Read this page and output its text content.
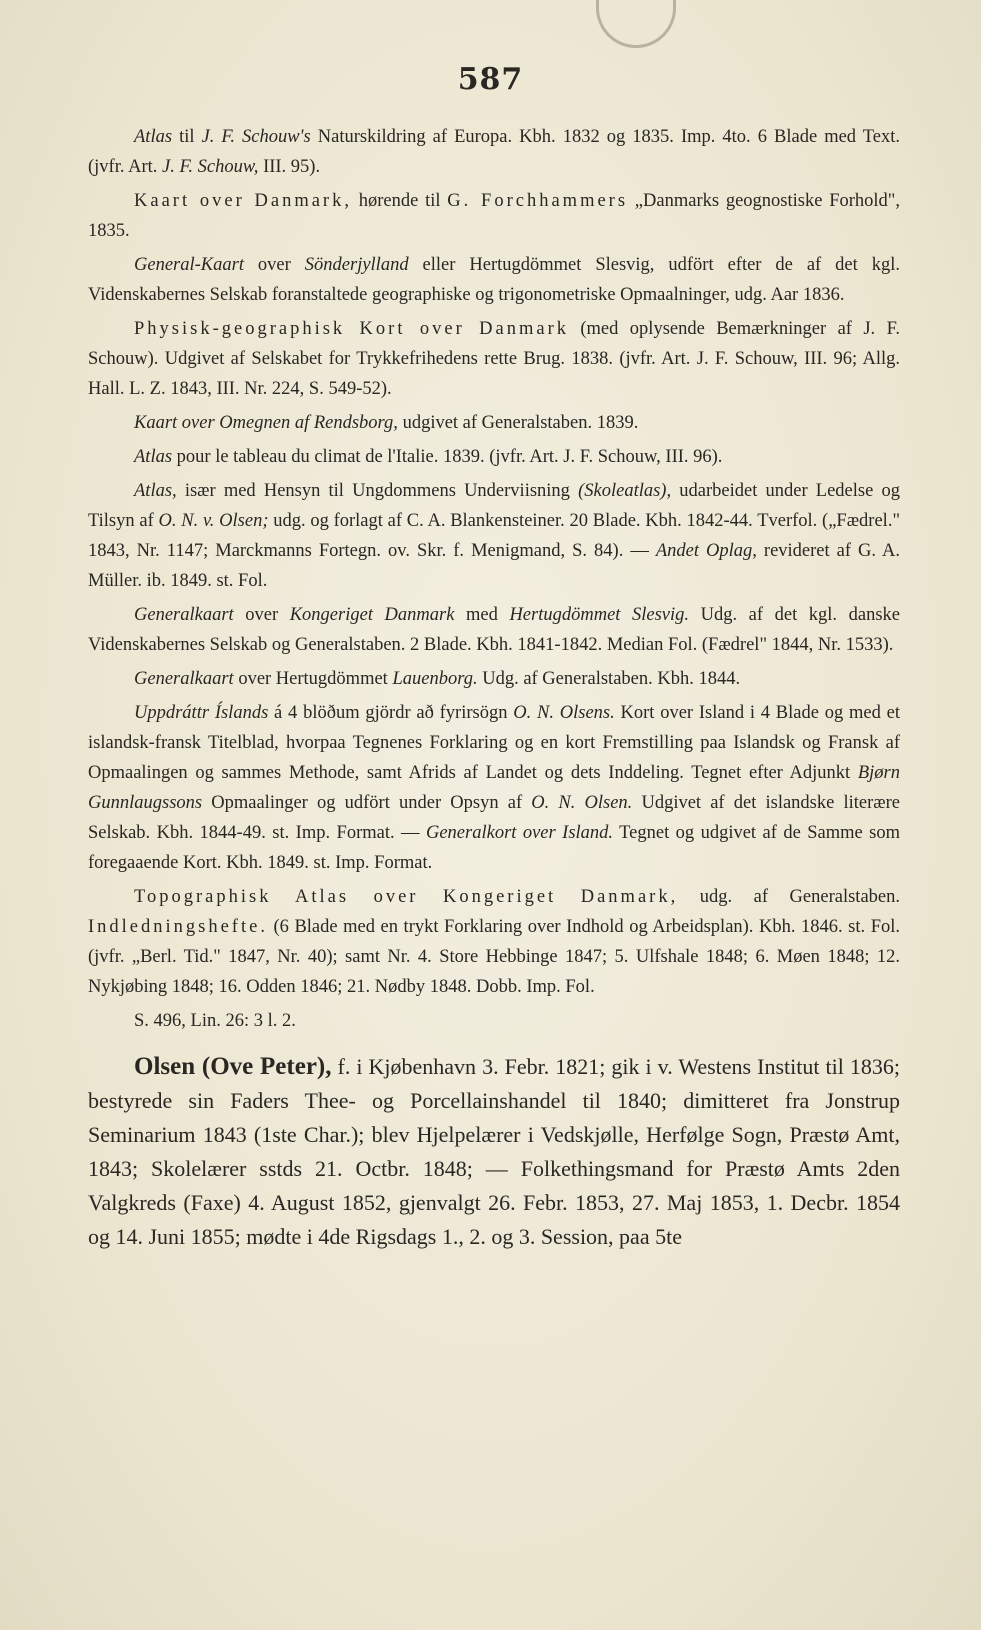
587

Atlas til J. F. Schouw's Naturskildring af Europa. Kbh. 1832 og 1835. Imp. 4to. 6 Blade med Text. (jvfr. Art. J. F. Schouw, III. 95).

Kaart over Danmark, hørende til G. Forchhammers „Danmarks geognostiske Forhold", 1835.

General-Kaart over Sönderjylland eller Hertugdömmet Slesvig, udfört efter de af det kgl. Videnskabernes Selskab foranstaltede geographiske og trigonometriske Opmaalninger, udg. Aar 1836.

Physisk-geographisk Kort over Danmark (med oplysende Bemærkninger af J. F. Schouw). Udgivet af Selskabet for Trykkefrihedens rette Brug. 1838. (jvfr. Art. J. F. Schouw, III. 96; Allg. Hall. L. Z. 1843, III. Nr. 224, S. 549-52).

Kaart over Omegnen af Rendsborg, udgivet af Generalstaben. 1839.

Atlas pour le tableau du climat de l'Italie. 1839. (jvfr. Art. J. F. Schouw, III. 96).

Atlas, især med Hensyn til Ungdommens Underviisning (Skoleatlas), udarbeidet under Ledelse og Tilsyn af O. N. v. Olsen; udg. og forlagt af C. A. Blankensteiner. 20 Blade. Kbh. 1842-44. Tverfol. („Fædrel." 1843, Nr. 1147; Marckmanns Fortegn. ov. Skr. f. Menigmand, S. 84). — Andet Oplag, revideret af G. A. Müller. ib. 1849. st. Fol.

Generalkaart over Kongeriget Danmark med Hertugdömmet Slesvig. Udg. af det kgl. danske Videnskabernes Selskab og Generalstaben. 2 Blade. Kbh. 1841-1842. Median Fol. (Fædrel" 1844, Nr. 1533).

Generalkaart over Hertugdömmet Lauenborg. Udg. af Generalstaben. Kbh. 1844.

Uppdráttr Íslands á 4 blöðum gjördr að fyrirsögn O. N. Olsens. Kort over Island i 4 Blade og med et islandsk-fransk Titelblad, hvorpaa Tegnenes Forklaring og en kort Fremstilling paa Islandsk og Fransk af Opmaalingen og sammes Methode, samt Afrids af Landet og dets Inddeling. Tegnet efter Adjunkt Bjørn Gunnlaugssons Opmaalinger og udfört under Opsyn af O. N. Olsen. Udgivet af det islandske literære Selskab. Kbh. 1844-49. st. Imp. Format. — Generalkort over Island. Tegnet og udgivet af de Samme som foregaaende Kort. Kbh. 1849. st. Imp. Format.

Topographisk Atlas over Kongeriget Danmark, udg. af Generalstaben. Indledningshefte. (6 Blade med en trykt Forklaring over Indhold og Arbeidsplan). Kbh. 1846. st. Fol. (jvfr. „Berl. Tid." 1847, Nr. 40); samt Nr. 4. Store Hebbinge 1847; 5. Ulfshale 1848; 6. Møen 1848; 12. Nykjøbing 1848; 16. Odden 1846; 21. Nødby 1848. Dobb. Imp. Fol.

S. 496, Lin. 26: 3 l. 2.

Olsen (Ove Peter), f. i Kjøbenhavn 3. Febr. 1821; gik i v. Westens Institut til 1836; bestyrede sin Faders Thee- og Porcellainshandel til 1840; dimitteret fra Jonstrup Seminarium 1843 (1ste Char.); blev Hjelpelærer i Vedskjølle, Herfølge Sogn, Præstø Amt, 1843; Skolelærer sstds 21. Octbr. 1848; — Folkethingsmand for Præstø Amts 2den Valgkreds (Faxe) 4. August 1852, gjenvalgt 26. Febr. 1853, 27. Maj 1853, 1. Decbr. 1854 og 14. Juni 1855; mødte i 4de Rigsdags 1., 2. og 3. Session, paa 5te
